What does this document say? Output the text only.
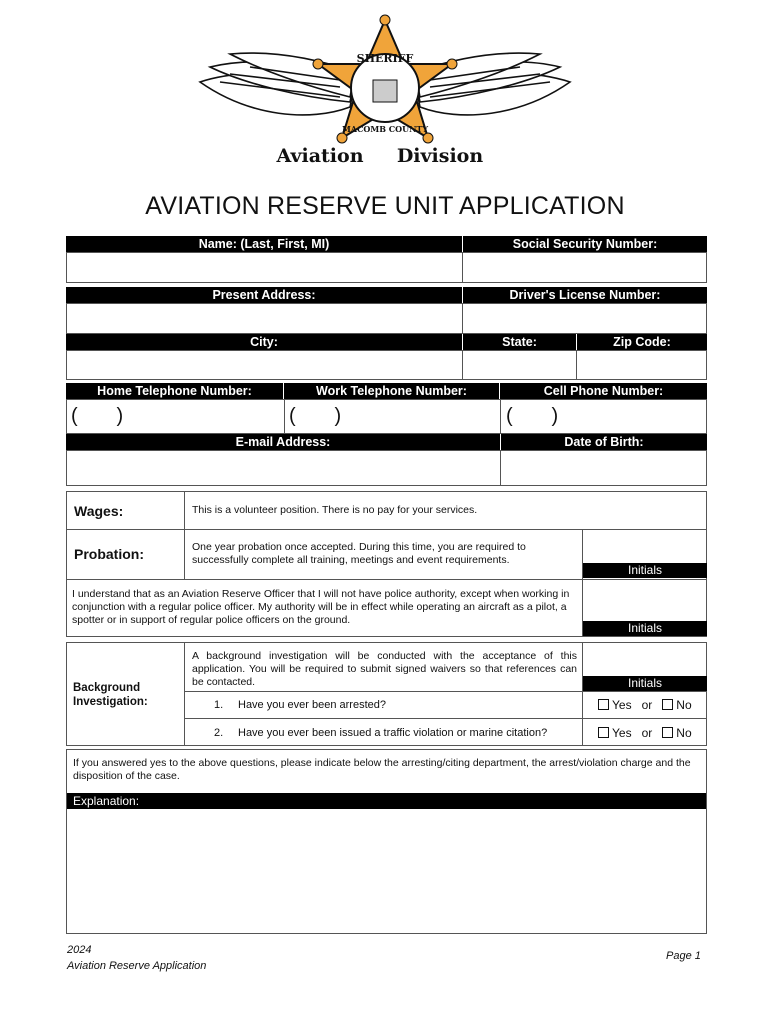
SHERIFF
MACOMB COUNTY
Aviation Division
AVIATION RESERVE UNIT APPLICATION
Name: (Last, First, MI)	Social Security Number:
Present Address:	Driver's License Number:
City:	State:	Zip Code:
Home Telephone Number:	Work Telephone Number:	Cell Phone Number:
(       )	(       )	(       )
E-mail Address:	Date of Birth:
Wages:	This is a volunteer position. There is no pay for your services.
Probation:	One year probation once accepted. During this time, you are required to successfully complete all training, meetings and event requirements.
Initials
I understand that as an Aviation Reserve Officer that I will not have police authority, except when working in conjunction with a regular police officer. My authority will be in effect while operating an aircraft as a pilot, a spotter or in support of regular police officers on the ground.
Initials
Background Investigation:
A background investigation will be conducted with the acceptance of this application. You will be required to submit signed waivers so that references can be contacted.	Initials
1. Have you ever been arrested?	Yes or No
2. Have you ever been issued a traffic violation or marine citation?	Yes or No
If you answered yes to the above questions, please indicate below the arresting/citing department, the arrest/violation charge and the disposition of the case.
Explanation:
2024
Aviation Reserve Application
Page 1
